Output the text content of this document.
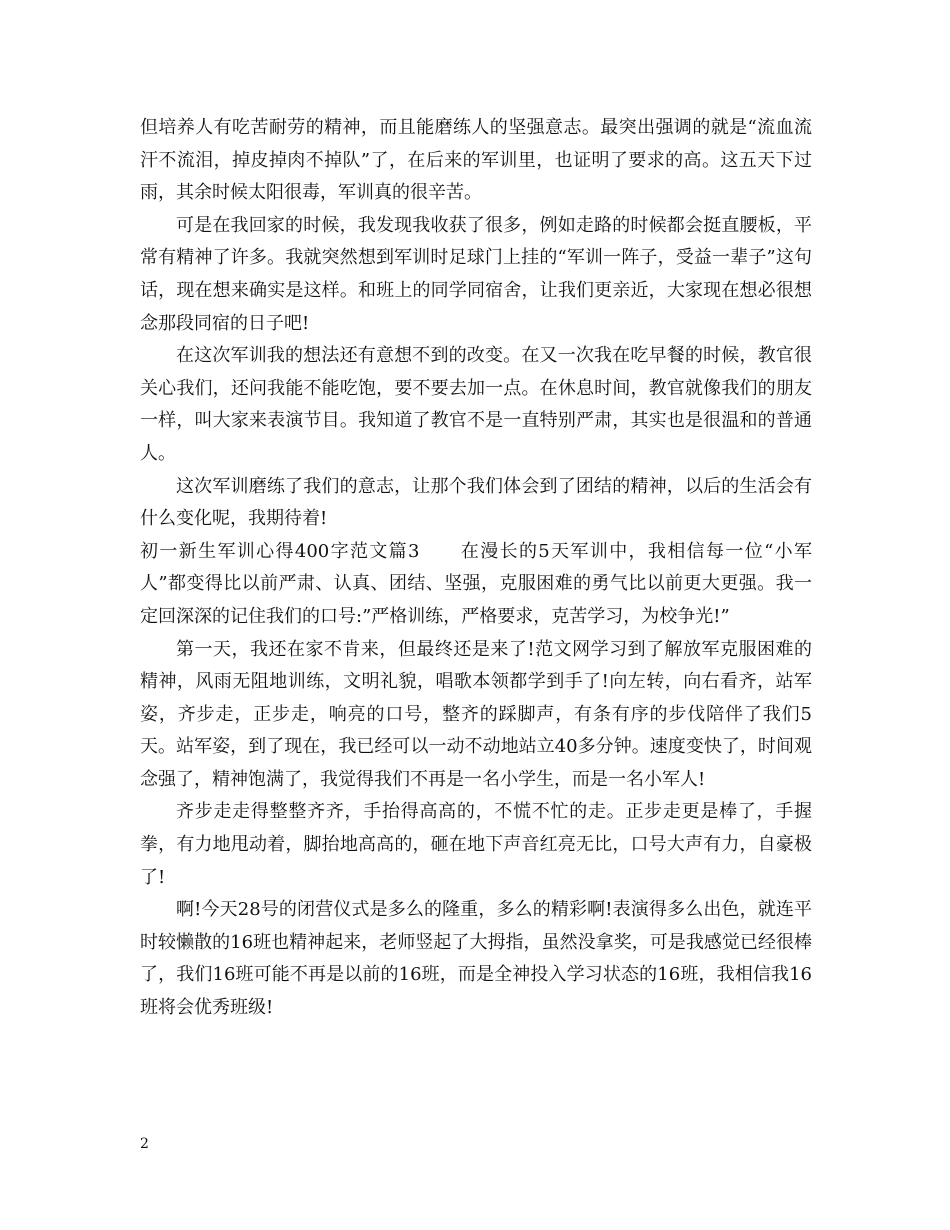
但培养人有吃苦耐劳的精神，而且能磨练人的坚强意志。最突出强调的就是“流血流汗不流泪，掉皮掉肉不掉队”了，在后来的军训里，也证明了要求的高。这五天下过雨，其余时候太阳很毒，军训真的很辛苦。

可是在我回家的时候，我发现我收获了很多，例如走路的时候都会挺直腰板，平常有精神了许多。我就突然想到军训时足球门上挂的“军训一阵子，受益一辈子”这句话，现在想来确实是这样。和班上的同学同宿舍，让我们更亲近，大家现在想必很想念那段同宿的日子吧!

在这次军训我的想法还有意想不到的改变。在又一次我在吃早餐的时候，教官很关心我们，还问我能不能吃饱，要不要去加一点。在休息时间，教官就像我们的朋友一样，叫大家来表演节目。我知道了教官不是一直特别严肃，其实也是很温和的普通人。

这次军训磨练了我们的意志，让那个我们体会到了团结的精神，以后的生活会有什么变化呢，我期待着!

初一新生军训心得400字范文篇3 在漫长的5天军训中，我相信每一位“小军人”都变得比以前严肃、认真、团结、坚强，克服困难的勇气比以前更大更强。我一定回深深的记住我们的口号:”严格训练，严格要求，克苦学习，为校争光!”

第一天，我还在家不肯来，但最终还是来了!范文网学习到了解放军克服困难的精神，风雨无阻地训练，文明礼貌，唱歌本领都学到手了!向左转，向右看齐，站军姿，齐步走，正步走，响亮的口号，整齐的踩脚声，有条有序的步伐陪伴了我们5天。站军姿，到了现在，我已经可以一动不动地站立40多分钟。速度变快了，时间观念强了，精神饱满了，我觉得我们不再是一名小学生，而是一名小军人!

齐步走走得整整齐齐，手抬得高高的，不慌不忙的走。正步走更是棒了，手握拳，有力地甩动着，脚抬地高高的，砸在地下声音红亮无比，口号大声有力，自豪极了!

啊!今天28号的闭营仪式是多么的隆重，多么的精彩啊!表演得多么出色，就连平时较懒散的16班也精神起来，老师竖起了大拇指，虽然没拿奖，可是我感觉已经很棒了，我们16班可能不再是以前的16班，而是全神投入学习状态的16班，我相信我16班将会优秀班级!

2
